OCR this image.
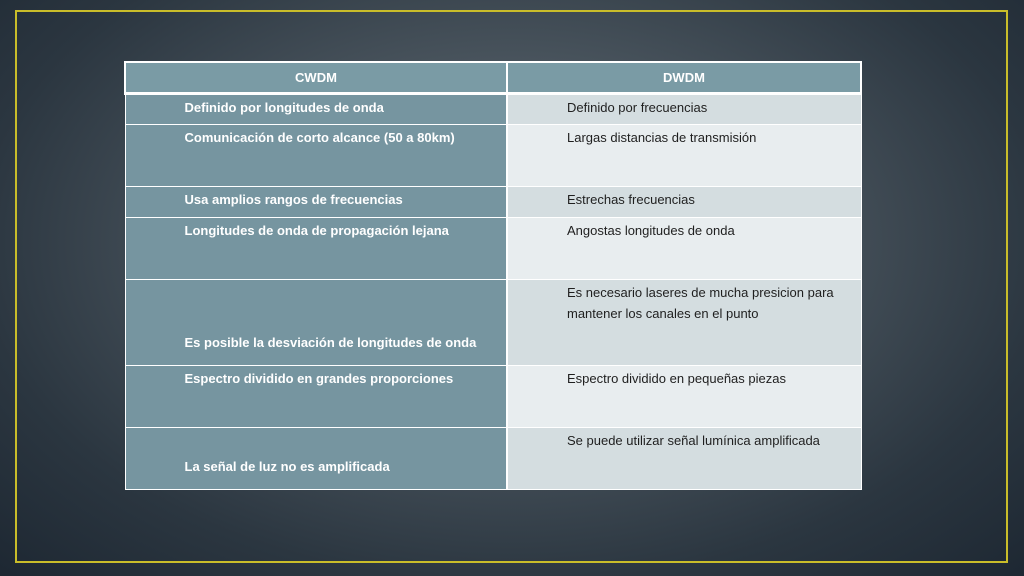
CWDM	DWDM
Definido por longitudes de onda	Definido por frecuencias
Comunicación de corto alcance (50 a 80km)	Largas distancias de transmisión
Usa amplios rangos de frecuencias	Estrechas frecuencias
Longitudes de onda de propagación lejana	Angostas longitudes de onda
Es posible la desviación de longitudes de onda	Es necesario laseres de mucha presicion para mantener los canales en el punto
Espectro dividido en grandes proporciones	Espectro dividido en pequeñas piezas
La señal de luz no es amplificada	Se puede utilizar señal lumínica amplificada
